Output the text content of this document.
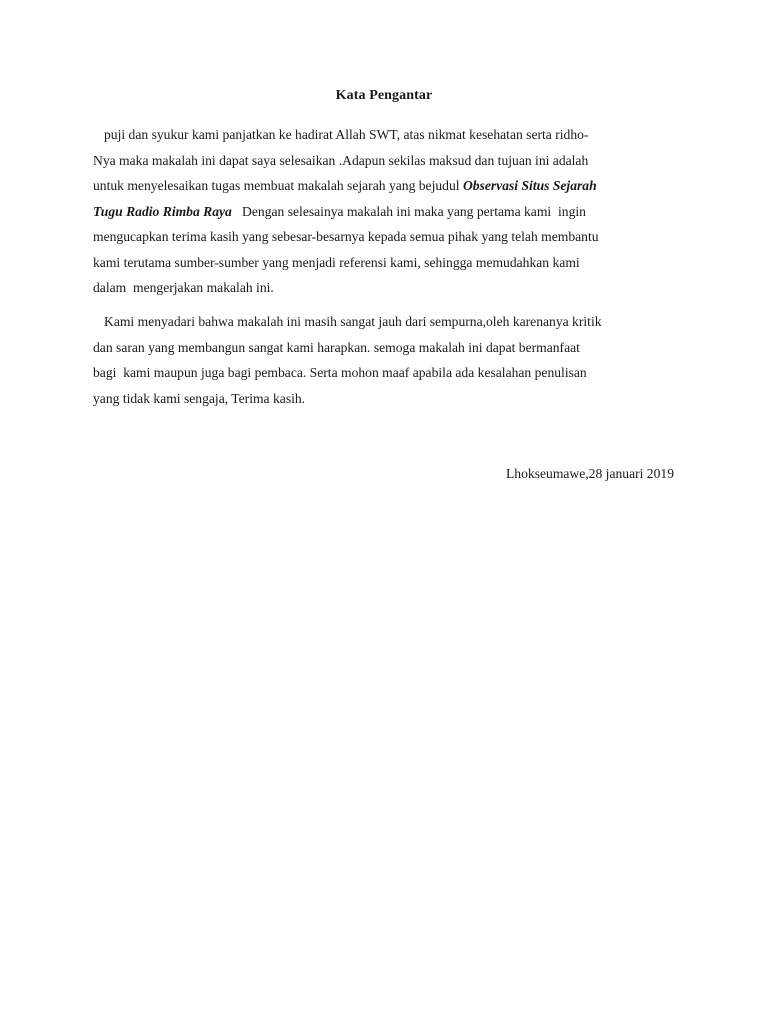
Kata Pengantar
puji dan syukur kami panjatkan ke hadirat Allah SWT, atas nikmat kesehatan serta ridho-
Nya maka makalah ini dapat saya selesaikan .Adapun sekilas maksud dan tujuan ini adalah
untuk menyelesaikan tugas membuat makalah sejarah yang bejudul Observasi Situs Sejarah
Tugu Radio Rimba Raya   Dengan selesainya makalah ini maka yang pertama kami  ingin
mengucapkan terima kasih yang sebesar-besarnya kepada semua pihak yang telah membantu
kami terutama sumber-sumber yang menjadi referensi kami, sehingga memudahkan kami
dalam  mengerjakan makalah ini.
Kami menyadari bahwa makalah ini masih sangat jauh dari sempurna,oleh karenanya kritik
dan saran yang membangun sangat kami harapkan. semoga makalah ini dapat bermanfaat
bagi  kami maupun juga bagi pembaca. Serta mohon maaf apabila ada kesalahan penulisan
yang tidak kami sengaja, Terima kasih.
Lhokseumawe,28 januari 2019
